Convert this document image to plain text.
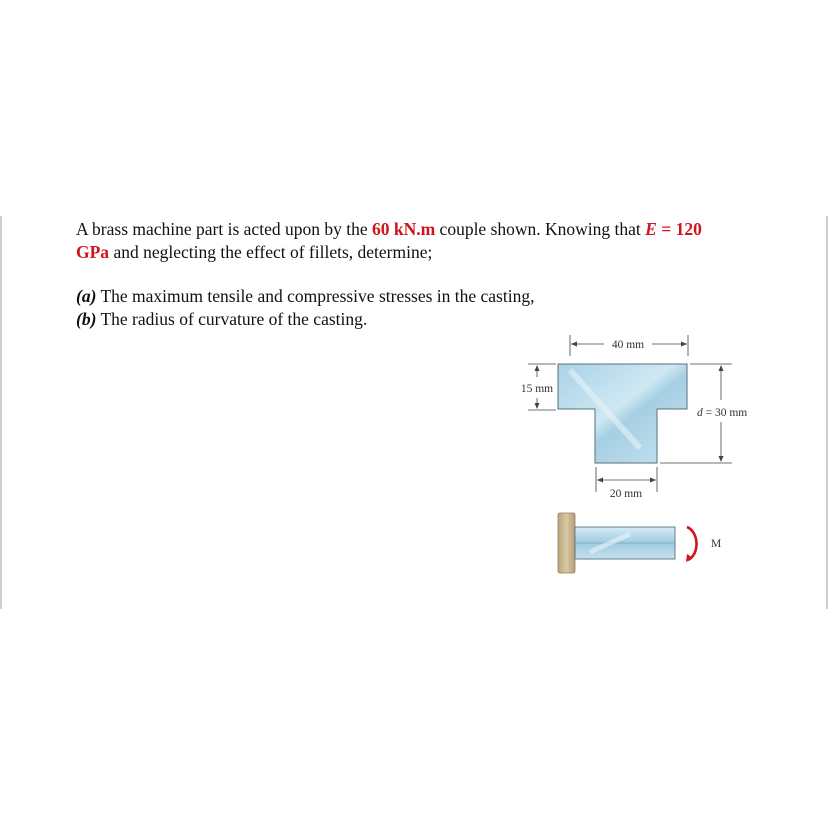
A brass machine part is acted upon by the 60 kN.m couple shown. Knowing that E = 120
GPa and neglecting the effect of fillets, determine;

(a) The maximum tensile and compressive stresses in the casting,

(b) The radius of curvature of the casting.

40 mm
15 mm
d = 30 mm
20 mm
M
